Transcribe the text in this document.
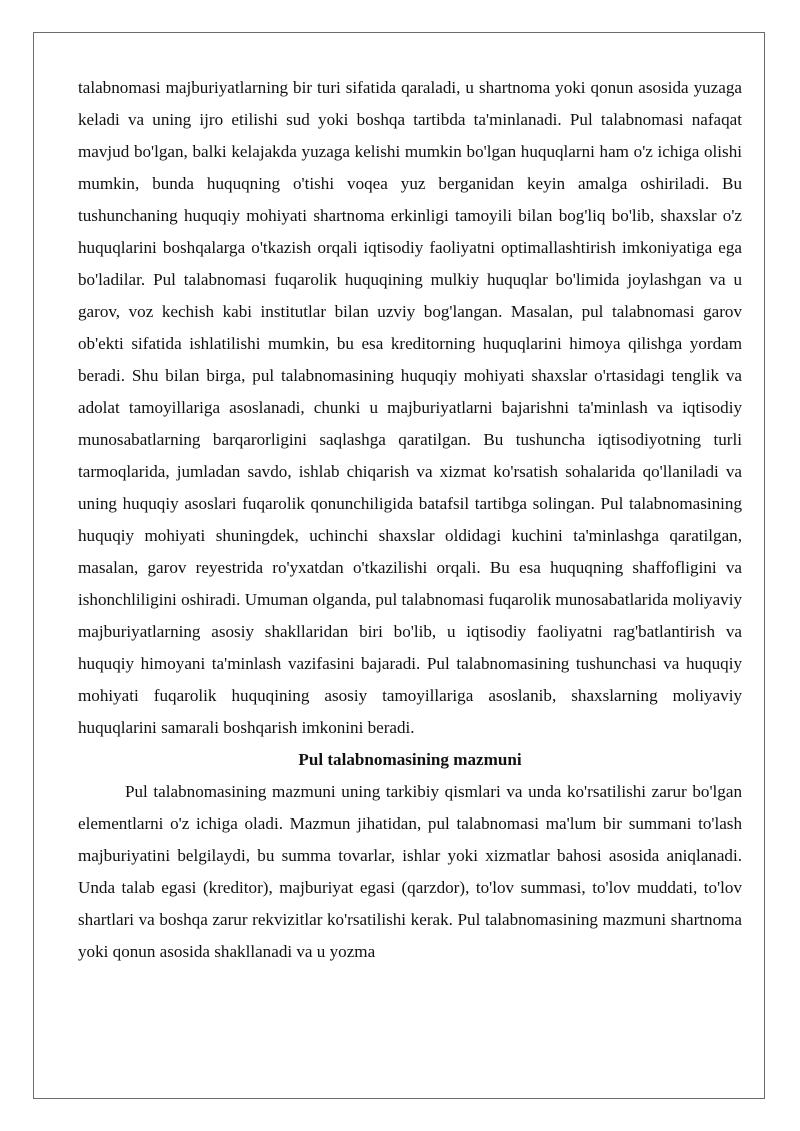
talabnomasi majburiyatlarning bir turi sifatida qaraladi, u shartnoma yoki qonun asosida yuzaga keladi va uning ijro etilishi sud yoki boshqa tartibda ta'minlanadi. Pul talabnomasi nafaqat mavjud bo'lgan, balki kelajakda yuzaga kelishi mumkin bo'lgan huquqlarni ham o'z ichiga olishi mumkin, bunda huquqning o'tishi voqea yuz berganidan keyin amalga oshiriladi. Bu tushunchaning huquqiy mohiyati shartnoma erkinligi tamoyili bilan bog'liq bo'lib, shaxslar o'z huquqlarini boshqalarga o'tkazish orqali iqtisodiy faoliyatni optimallashtirish imkoniyatiga ega bo'ladilar. Pul talabnomasi fuqarolik huquqining mulkiy huquqlar bo'limida joylashgan va u garov, voz kechish kabi institutlar bilan uzviy bog'langan. Masalan, pul talabnomasi garov ob'ekti sifatida ishlatilishi mumkin, bu esa kreditorning huquqlarini himoya qilishga yordam beradi. Shu bilan birga, pul talabnomasining huquqiy mohiyati shaxslar o'rtasidagi tenglik va adolat tamoyillariga asoslanadi, chunki u majburiyatlarni bajarishni ta'minlash va iqtisodiy munosabatlarning barqarorligini saqlashga qaratilgan. Bu tushuncha iqtisodiyotning turli tarmoqlarida, jumladan savdo, ishlab chiqarish va xizmat ko'rsatish sohalarida qo'llaniladi va uning huquqiy asoslari fuqarolik qonunchiligida batafsil tartibga solingan. Pul talabnomasining huquqiy mohiyati shuningdek, uchinchi shaxslar oldidagi kuchini ta'minlashga qaratilgan, masalan, garov reyestrida ro'yxatdan o'tkazilishi orqali. Bu esa huquqning shaffofligini va ishonchliligini oshiradi. Umuman olganda, pul talabnomasi fuqarolik munosabatlarida moliyaviy majburiyatlarning asosiy shakllaridan biri bo'lib, u iqtisodiy faoliyatni rag'batlantirish va huquqiy himoyani ta'minlash vazifasini bajaradi. Pul talabnomasining tushunchasi va huquqiy mohiyati fuqarolik huquqining asosiy tamoyillariga asoslanib, shaxslarning moliyaviy huquqlarini samarali boshqarish imkonini beradi.

Pul talabnomasining mazmuni

Pul talabnomasining mazmuni uning tarkibiy qismlari va unda ko'rsatilishi zarur bo'lgan elementlarni o'z ichiga oladi. Mazmun jihatidan, pul talabnomasi ma'lum bir summani to'lash majburiyatini belgilaydi, bu summa tovarlar, ishlar yoki xizmatlar bahosi asosida aniqlanadi. Unda talab egasi (kreditor), majburiyat egasi (qarzdor), to'lov summasi, to'lov muddati, to'lov shartlari va boshqa zarur rekvizitlar ko'rsatilishi kerak. Pul talabnomasining mazmuni shartnoma yoki qonun asosida shakllanadi va u yozma
